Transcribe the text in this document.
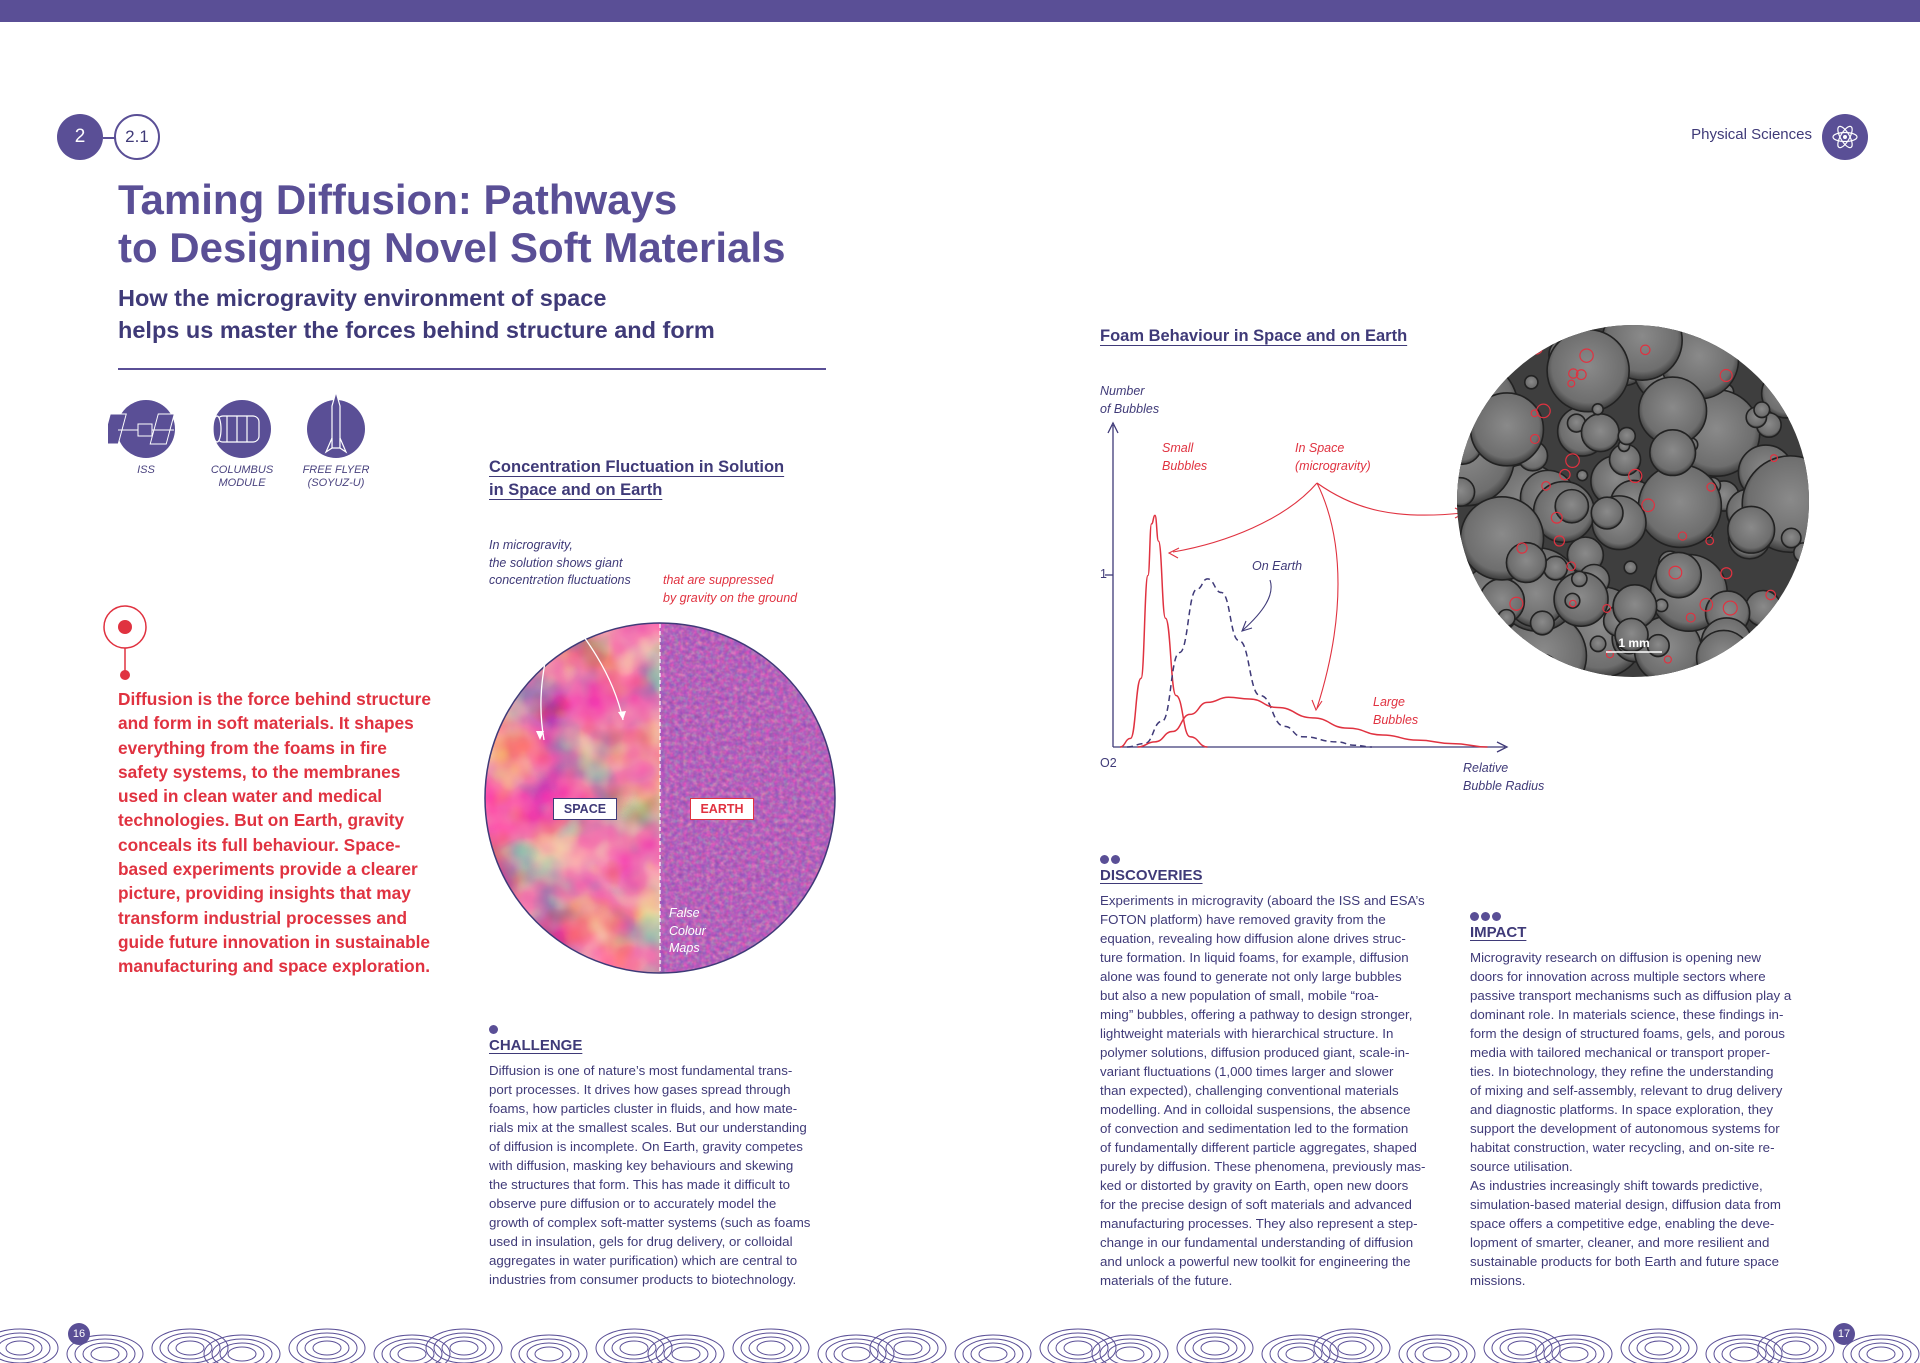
2 2.1	Physical Sciences
Taming Diffusion: Pathways
to Designing Novel Soft Materials
How the microgravity environment of space
helps us master the forces behind structure and form
ISS	COLUMBUS
MODULE
FREE FLYER
(SOYUZ-U)
Diffusion is the force behind structure and form in soft materials. It shapes everything from the foams in fire safety systems, to the membranes used in clean water and medical technologies. But on Earth, gravity conceals its full behaviour. Space-based experiments provide a clearer picture, providing insights that may transform industrial processes and guide future innovation in sustainable manufacturing and space exploration.
Concentration Fluctuation in Solution
in Space and on Earth
In microgravity,
the solution shows giant
concentration fluctuations	that are suppressed
by gravity on the ground
SPACE	EARTH
False
Colour
Maps
CHALLENGE
Diffusion is one of nature’s most fundamental trans-
port processes. It drives how gases spread through
foams, how particles cluster in fluids, and how mate-
rials mix at the smallest scales. But our understanding
of diffusion is incomplete. On Earth, gravity competes
with diffusion, masking key behaviours and skewing
the structures that form. This has made it difficult to
observe pure diffusion or to accurately model the
growth of complex soft-matter systems (such as foams
used in insulation, gels for drug delivery, or colloidal
aggregates in water purification) which are central to
industries from consumer products to biotechnology.
Foam Behaviour in Space and on Earth
Number
of Bubbles
Relative
Bubble Radius
1
O2
Small
Bubbles
In Space
(microgravity)
On Earth
Large
Bubbles
1 mm
DISCOVERIES
Experiments in microgravity (aboard the ISS and ESA’s
FOTON platform) have removed gravity from the
equation, revealing how diffusion alone drives struc-
ture formation. In liquid foams, for example, diffusion
alone was found to generate not only large bubbles
but also a new population of small, mobile “roa-
ming” bubbles, offering a pathway to design stronger,
lightweight materials with hierarchical structure. In
polymer solutions, diffusion produced giant, scale-in-
variant fluctuations (1,000 times larger and slower
than expected), challenging conventional materials
modelling. And in colloidal suspensions, the absence
of convection and sedimentation led to the formation
of fundamentally different particle aggregates, shaped
purely by diffusion. These phenomena, previously mas-
ked or distorted by gravity on Earth, open new doors
for the precise design of soft materials and advanced
manufacturing processes. They also represent a step-
change in our fundamental understanding of diffusion
and unlock a powerful new toolkit for engineering the
materials of the future.
IMPACT
Microgravity research on diffusion is opening new
doors for innovation across multiple sectors where
passive transport mechanisms such as diffusion play a
dominant role. In materials science, these findings in-
form the design of structured foams, gels, and porous
media with tailored mechanical or transport proper-
ties. In biotechnology, they refine the understanding
of mixing and self-assembly, relevant to drug delivery
and diagnostic platforms. In space exploration, they
support the development of autonomous systems for
habitat construction, water recycling, and on-site re-
source utilisation.
As industries increasingly shift towards predictive,
simulation-based material design, diffusion data from
space offers a competitive edge, enabling the deve-
lopment of smarter, cleaner, and more resilient and
sustainable products for both Earth and future space
missions.
16	17
